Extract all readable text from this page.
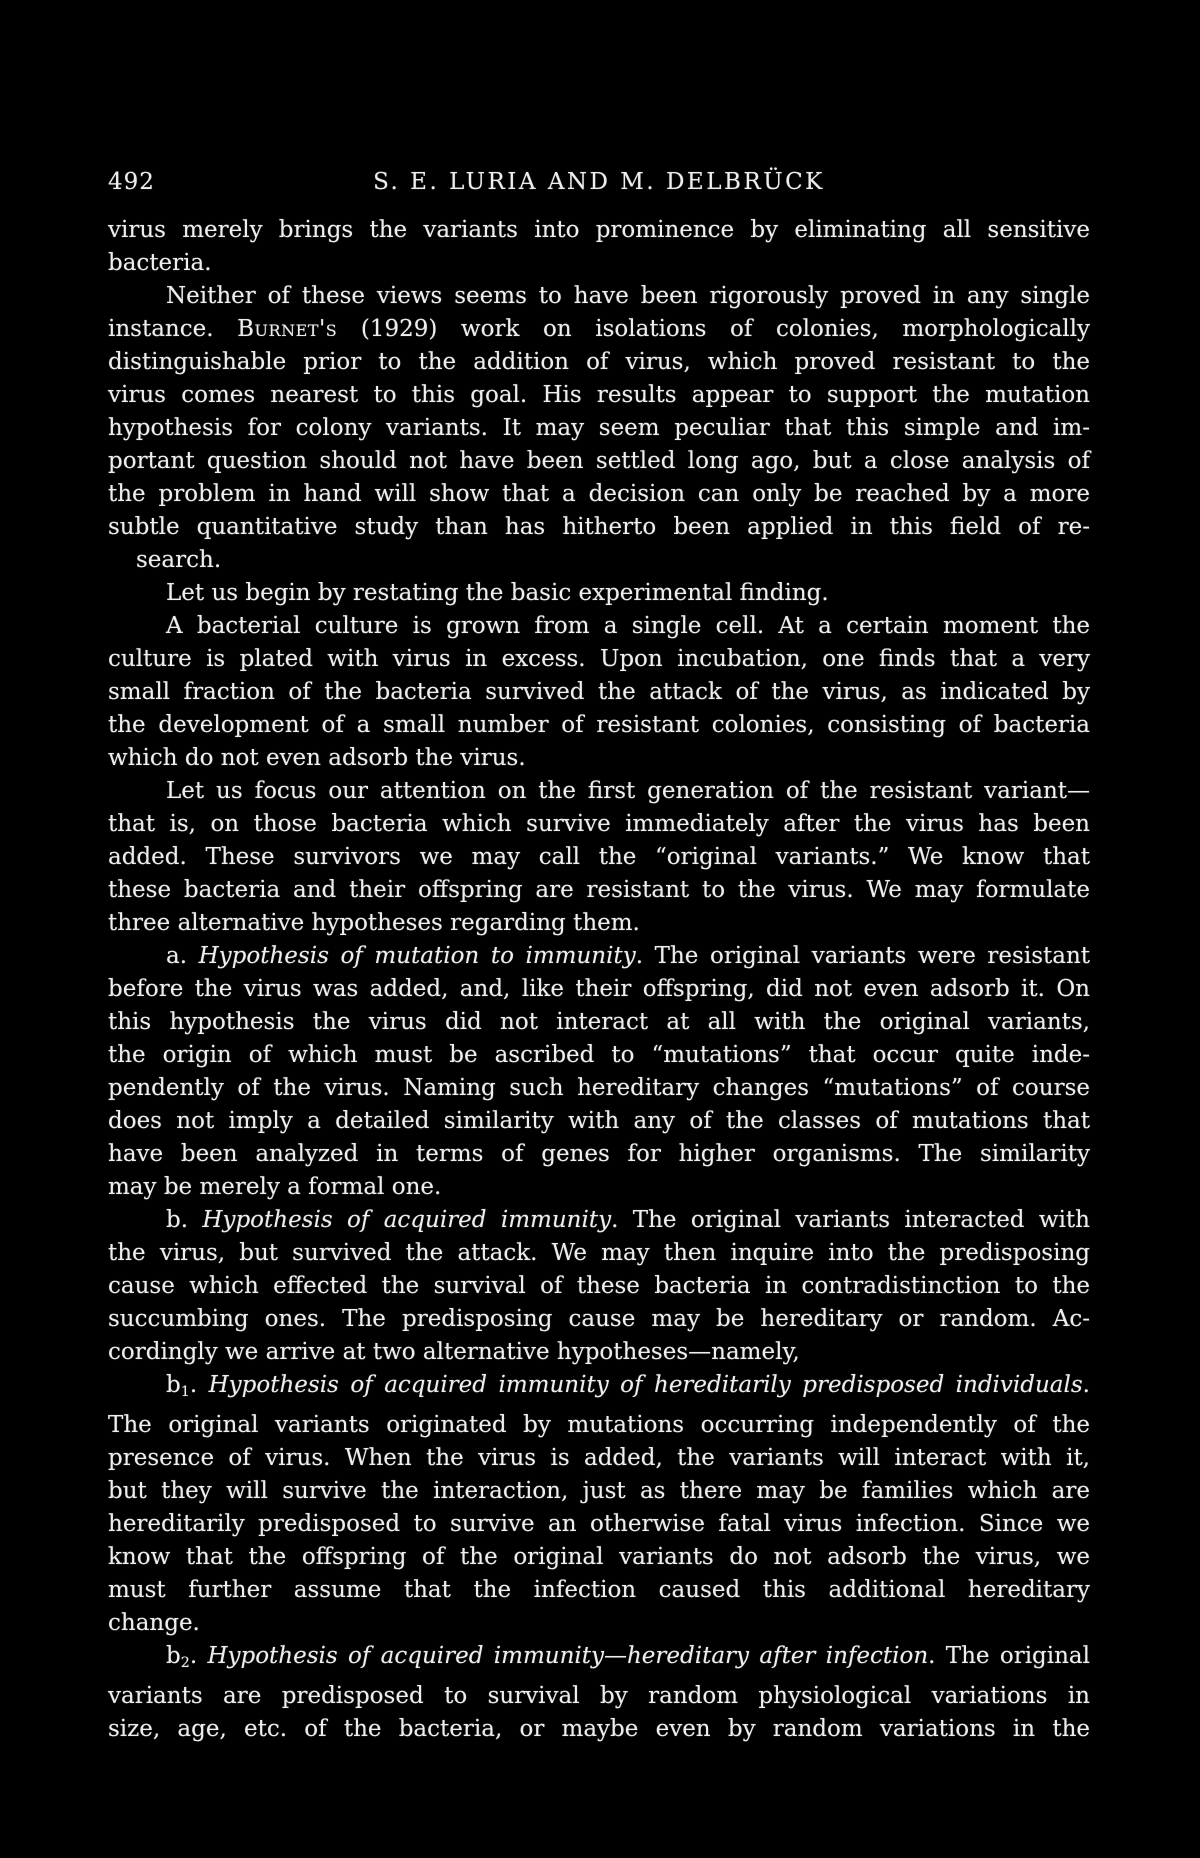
492	S. E. LURIA AND M. DELBRÜCK
virus merely brings the variants into prominence by eliminating all sensitive
bacteria.
Neither of these views seems to have been rigorously proved in any single
instance. Burnet's (1929) work on isolations of colonies, morphologically
distinguishable prior to the addition of virus, which proved resistant to the
virus comes nearest to this goal. His results appear to support the mutation
hypothesis for colony variants. It may seem peculiar that this simple and im-
portant question should not have been settled long ago, but a close analysis of
the problem in hand will show that a decision can only be reached by a more
subtle quantitative study than has hitherto been applied in this field of re-
search.
Let us begin by restating the basic experimental finding.
A bacterial culture is grown from a single cell. At a certain moment the
culture is plated with virus in excess. Upon incubation, one finds that a very
small fraction of the bacteria survived the attack of the virus, as indicated by
the development of a small number of resistant colonies, consisting of bacteria
which do not even adsorb the virus.
Let us focus our attention on the first generation of the resistant variant—
that is, on those bacteria which survive immediately after the virus has been
added. These survivors we may call the “original variants.” We know that
these bacteria and their offspring are resistant to the virus. We may formulate
three alternative hypotheses regarding them.
a. Hypothesis of mutation to immunity. The original variants were resistant
before the virus was added, and, like their offspring, did not even adsorb it. On
this hypothesis the virus did not interact at all with the original variants,
the origin of which must be ascribed to “mutations” that occur quite inde-
pendently of the virus. Naming such hereditary changes “mutations” of course
does not imply a detailed similarity with any of the classes of mutations that
have been analyzed in terms of genes for higher organisms. The similarity
may be merely a formal one.
b. Hypothesis of acquired immunity. The original variants interacted with
the virus, but survived the attack. We may then inquire into the predisposing
cause which effected the survival of these bacteria in contradistinction to the
succumbing ones. The predisposing cause may be hereditary or random. Ac-
cordingly we arrive at two alternative hypotheses—namely,
b1. Hypothesis of acquired immunity of hereditarily predisposed individuals.
The original variants originated by mutations occurring independently of the
presence of virus. When the virus is added, the variants will interact with it,
but they will survive the interaction, just as there may be families which are
hereditarily predisposed to survive an otherwise fatal virus infection. Since we
know that the offspring of the original variants do not adsorb the virus, we
must further assume that the infection caused this additional hereditary
change.
b2. Hypothesis of acquired immunity—hereditary after infection. The original
variants are predisposed to survival by random physiological variations in
size, age, etc. of the bacteria, or maybe even by random variations in the
